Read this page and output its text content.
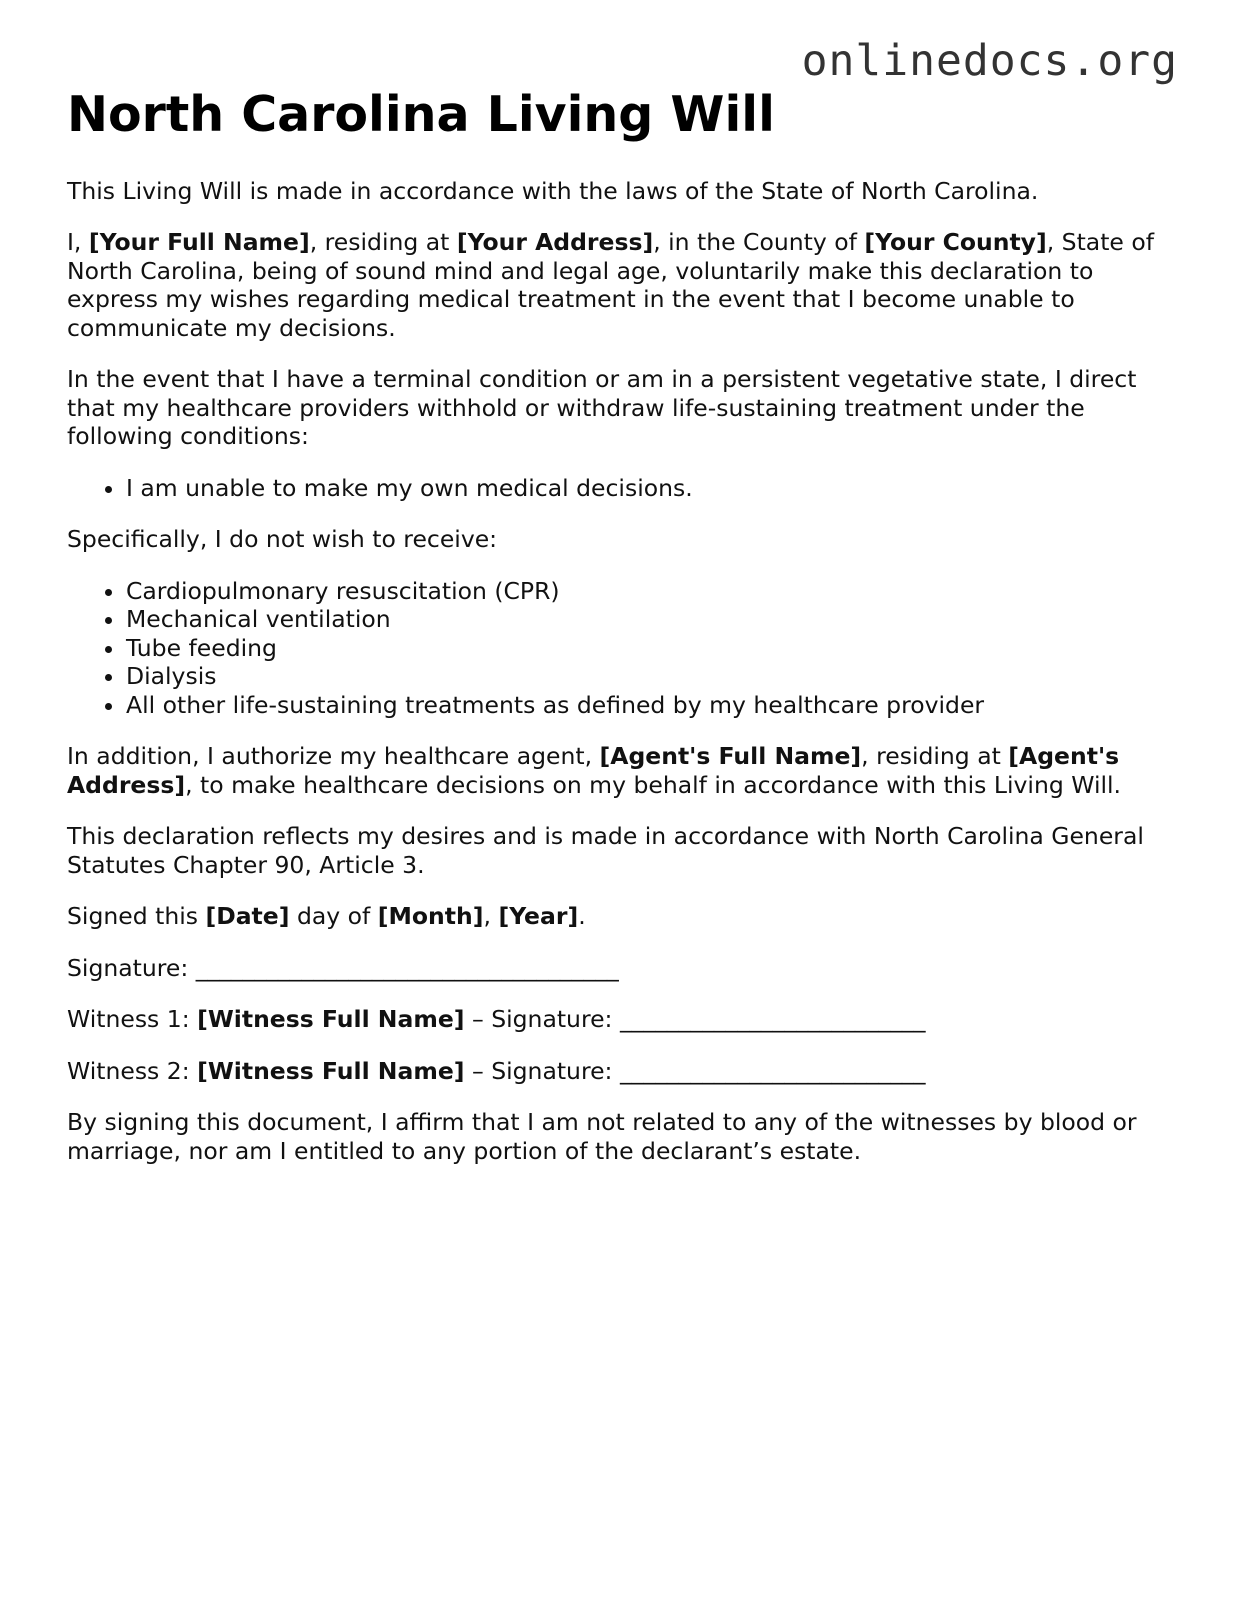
onlinedocs.org
North Carolina Living Will

This Living Will is made in accordance with the laws of the State of North Carolina.

I, [Your Full Name], residing at [Your Address], in the County of [Your County], State of North Carolina, being of sound mind and legal age, voluntarily make this declaration to express my wishes regarding medical treatment in the event that I become unable to communicate my decisions.

In the event that I have a terminal condition or am in a persistent vegetative state, I direct that my healthcare providers withhold or withdraw life-sustaining treatment under the following conditions:

• I am unable to make my own medical decisions.

Specifically, I do not wish to receive:

• Cardiopulmonary resuscitation (CPR)
• Mechanical ventilation
• Tube feeding
• Dialysis
• All other life-sustaining treatments as defined by my healthcare provider

In addition, I authorize my healthcare agent, [Agent's Full Name], residing at [Agent's Address], to make healthcare decisions on my behalf in accordance with this Living Will.

This declaration reflects my desires and is made in accordance with North Carolina General Statutes Chapter 90, Article 3.

Signed this [Date] day of [Month], [Year].

Signature: ____________________________________

Witness 1: [Witness Full Name] – Signature: __________________________

Witness 2: [Witness Full Name] – Signature: __________________________

By signing this document, I affirm that I am not related to any of the witnesses by blood or marriage, nor am I entitled to any portion of the declarant’s estate.
